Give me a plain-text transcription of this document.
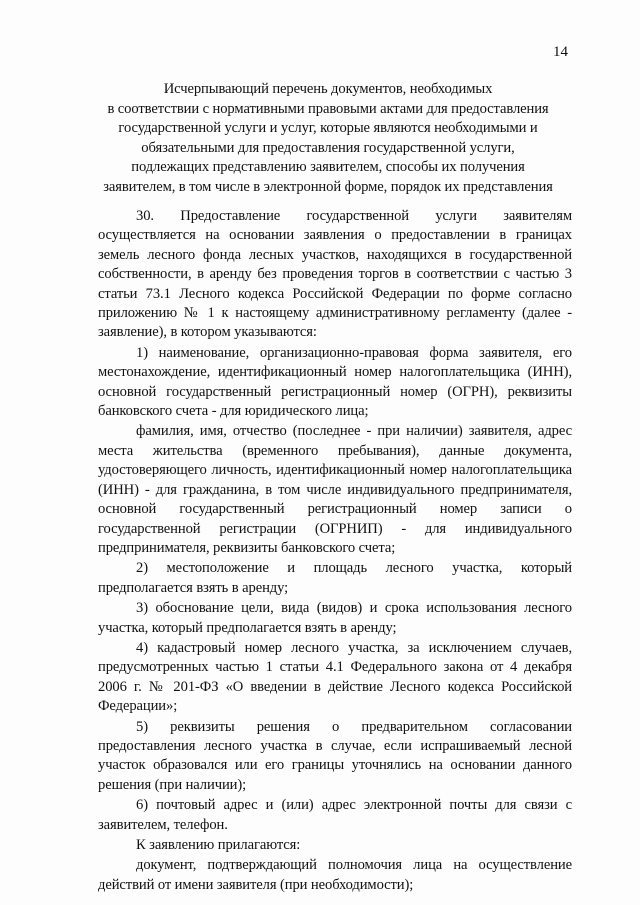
14
Исчерпывающий перечень документов, необходимых
в соответствии с нормативными правовыми актами для предоставления
государственной услуги и услуг, которые являются необходимыми и
обязательными для предоставления государственной услуги,
подлежащих представлению заявителем, способы их получения
заявителем, в том числе в электронной форме, порядок их представления

30. Предоставление государственной услуги заявителям осуществляется на основании заявления о предоставлении в границах земель лесного фонда лесных участков, находящихся в государственной собственности, в аренду без проведения торгов в соответствии с частью 3 статьи 73.1 Лесного кодекса Российской Федерации по форме согласно приложению № 1 к настоящему административному регламенту (далее - заявление), в котором указываются:

1) наименование, организационно-правовая форма заявителя, его местонахождение, идентификационный номер налогоплательщика (ИНН), основной государственный регистрационный номер (ОГРН), реквизиты банковского счета - для юридического лица;

фамилия, имя, отчество (последнее - при наличии) заявителя, адрес места жительства (временного пребывания), данные документа, удостоверяющего личность, идентификационный номер налогоплательщика (ИНН) - для гражданина, в том числе индивидуального предпринимателя, основной государственный регистрационный номер записи о государственной регистрации (ОГРНИП) - для индивидуального предпринимателя, реквизиты банковского счета;

2) местоположение и площадь лесного участка, который предполагается взять в аренду;

3) обоснование цели, вида (видов) и срока использования лесного участка, который предполагается взять в аренду;

4) кадастровый номер лесного участка, за исключением случаев, предусмотренных частью 1 статьи 4.1 Федерального закона от 4 декабря 2006 г. № 201-ФЗ «О введении в действие Лесного кодекса Российской Федерации»;

5) реквизиты решения о предварительном согласовании предоставления лесного участка в случае, если испрашиваемый лесной участок образовался или его границы уточнялись на основании данного решения (при наличии);

6) почтовый адрес и (или) адрес электронной почты для связи с заявителем, телефон.

К заявлению прилагаются:

документ, подтверждающий полномочия лица на осуществление действий от имени заявителя (при необходимости);
